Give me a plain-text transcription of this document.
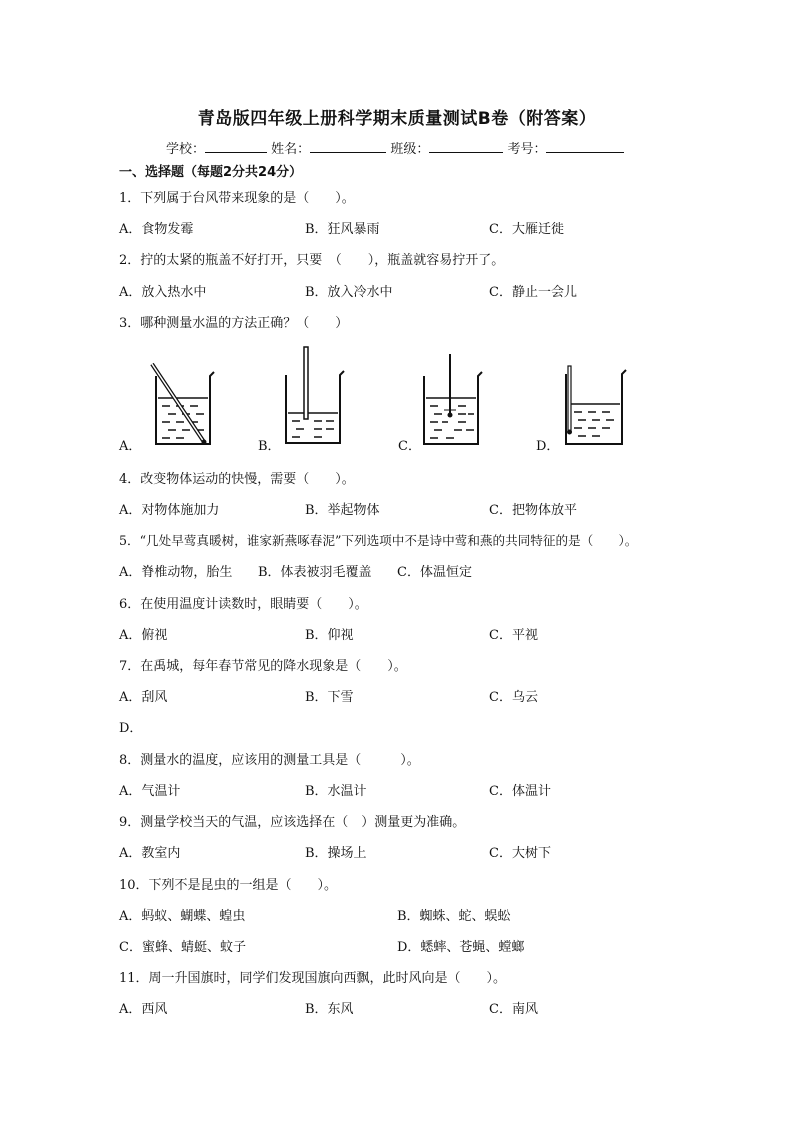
青岛版四年级上册科学期末质量测试B卷（附答案）
学校：	姓名：	班级：	考号：
一、选择题（每题2分共24分）
1．下列属于台风带来现象的是（　　）。
A．食物发霉	B．狂风暴雨	C．大雁迁徙
2．拧的太紧的瓶盖不好打开，只要　（　　），瓶盖就容易拧开了。
A．放入热水中	B．放入冷水中	C．静止一会儿
3．哪种测量水温的方法正确？（　　）
A．	B．	C．	D．
4．改变物体运动的快慢，需要（　　）。
A．对物体施加力	B．举起物体	C．把物体放平
5．“几处早莺真暖树，谁家新燕啄春泥”下列选项中不是诗中莺和燕的共同特征的是（　　）。
A．脊椎动物，胎生 B．体表被羽毛覆盖 C．体温恒定
6．在使用温度计读数时，眼睛要（　　）。
A．俯视	B．仰视	C．平视
7．在禹城，每年春节常见的降水现象是（　　）。
A．刮风	B．下雪	C．乌云
D．
8．测量水的温度，应该用的测量工具是（　　　）。
A．气温计	B．水温计	C．体温计
9．测量学校当天的气温，应该选择在（　）测量更为准确。
A．教室内	B．操场上	C．大树下
10．下列不是昆虫的一组是（　　）。
A．蚂蚁、蝴蝶、蝗虫	B．蜘蛛、蛇、蜈蚣
C．蜜蜂、蜻蜓、蚊子	D．蟋蟀、苍蝇、螳螂
11．周一升国旗时，同学们发现国旗向西飘，此时风向是（　　）。
A．西风	B．东风	C．南风
